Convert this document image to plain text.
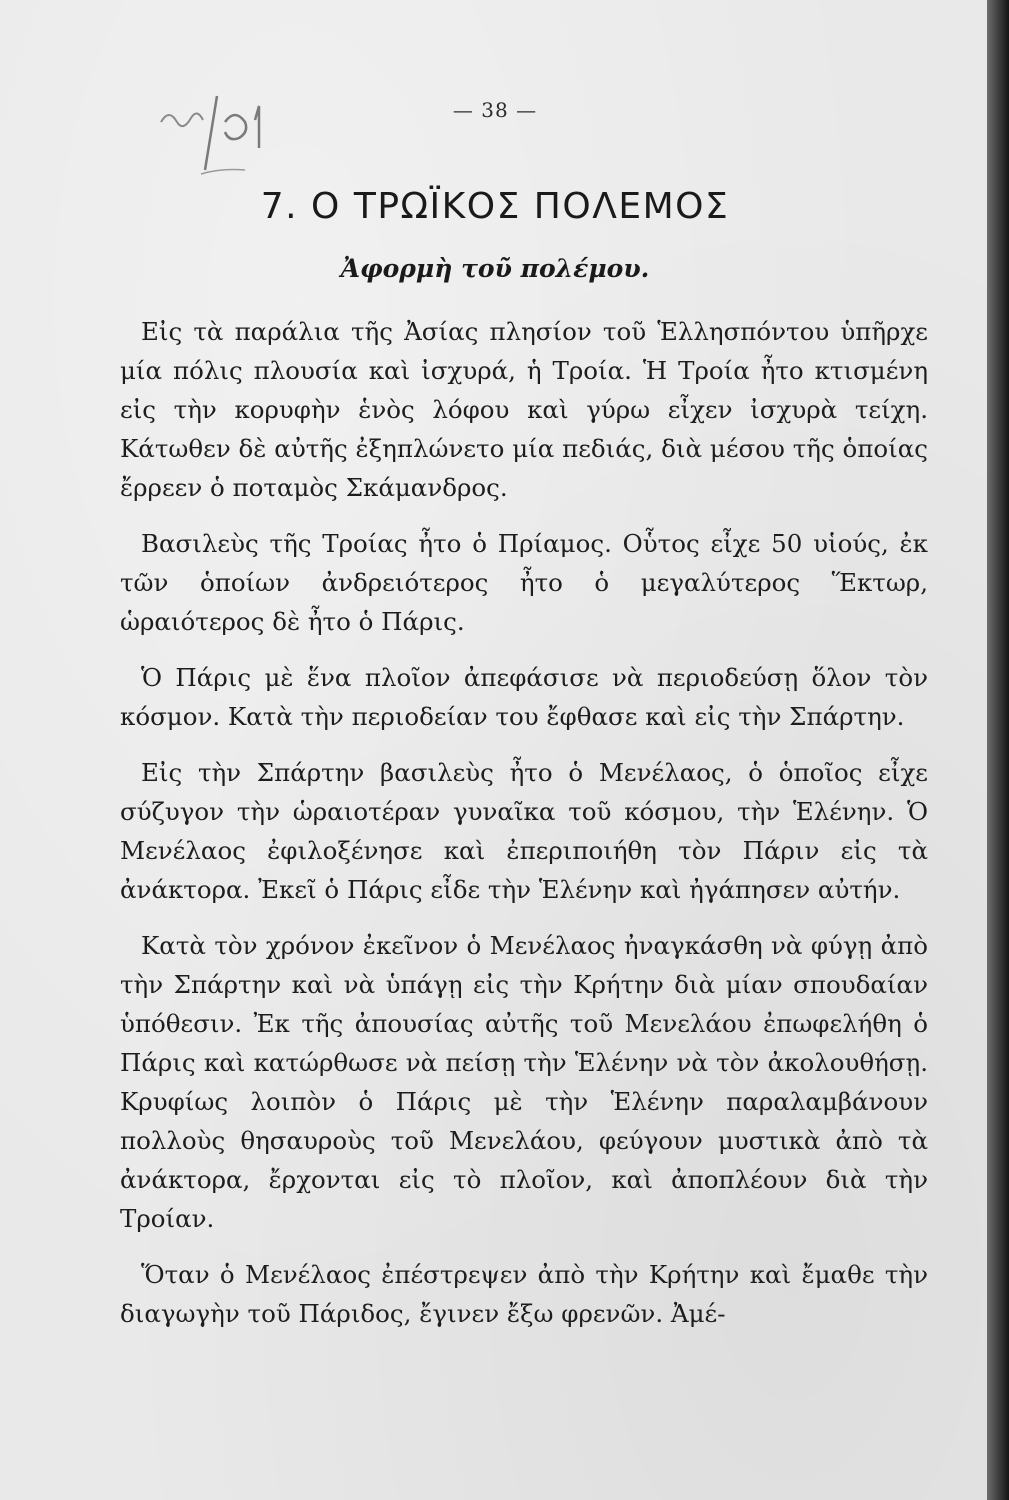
— 38 —
7. Ο ΤΡΩΪΚΟΣ ΠΟΛΕΜΟΣ
Ἀφορμὴ τοῦ πολέμου.

Εἰς τὰ παράλια τῆς Ἀσίας πλησίον τοῦ Ἑλλησπόντου ὑπῆρχε μία πόλις πλουσία καὶ ἰσχυρά, ἡ Τροία. Ἡ Τροία ἦτο κτισμένη εἰς τὴν κορυφὴν ἑνὸς λόφου καὶ γύρω εἶχεν ἰσχυρὰ τείχη. Κάτωθεν δὲ αὐτῆς ἐξηπλώνετο μία πεδιάς, διὰ μέσου τῆς ὁποίας ἔρρεεν ὁ ποταμὸς Σκάμανδρος.

Βασιλεὺς τῆς Τροίας ἦτο ὁ Πρίαμος. Οὗτος εἶχε 50 υἱούς, ἐκ τῶν ὁποίων ἀνδρειότερος ἦτο ὁ μεγαλύτερος Ἕκτωρ, ὡραιότερος δὲ ἦτο ὁ Πάρις.

Ὁ Πάρις μὲ ἕνα πλοῖον ἀπεφάσισε νὰ περιοδεύσῃ ὅλον τὸν κόσμον. Κατὰ τὴν περιοδείαν του ἔφθασε καὶ εἰς τὴν Σπάρτην.

Εἰς τὴν Σπάρτην βασιλεὺς ἦτο ὁ Μενέλαος, ὁ ὁποῖος εἶχε σύζυγον τὴν ὡραιοτέραν γυναῖκα τοῦ κόσμου, τὴν Ἑλένην. Ὁ Μενέλαος ἐφιλοξένησε καὶ ἐπεριποιήθη τὸν Πάριν εἰς τὰ ἀνάκτορα. Ἐκεῖ ὁ Πάρις εἶδε τὴν Ἑλένην καὶ ἠγάπησεν αὐτήν.

Κατὰ τὸν χρόνον ἐκεῖνον ὁ Μενέλαος ἠναγκάσθη νὰ φύγῃ ἀπὸ τὴν Σπάρτην καὶ νὰ ὑπάγῃ εἰς τὴν Κρήτην διὰ μίαν σπουδαίαν ὑπόθεσιν. Ἐκ τῆς ἀπουσίας αὐτῆς τοῦ Μενελάου ἐπωφελήθη ὁ Πάρις καὶ κατώρθωσε νὰ πείσῃ τὴν Ἑλένην νὰ τὸν ἀκολουθήσῃ. Κρυφίως λοιπὸν ὁ Πάρις μὲ τὴν Ἑλένην παραλαμβάνουν πολλοὺς θησαυροὺς τοῦ Μενελάου, φεύγουν μυστικὰ ἀπὸ τὰ ἀνάκτορα, ἔρχονται εἰς τὸ πλοῖον, καὶ ἀποπλέουν διὰ τὴν Τροίαν.

Ὅταν ὁ Μενέλαος ἐπέστρεψεν ἀπὸ τὴν Κρήτην καὶ ἔμαθε τὴν διαγωγὴν τοῦ Πάριδος, ἔγινεν ἔξω φρενῶν. Ἀμέ-
